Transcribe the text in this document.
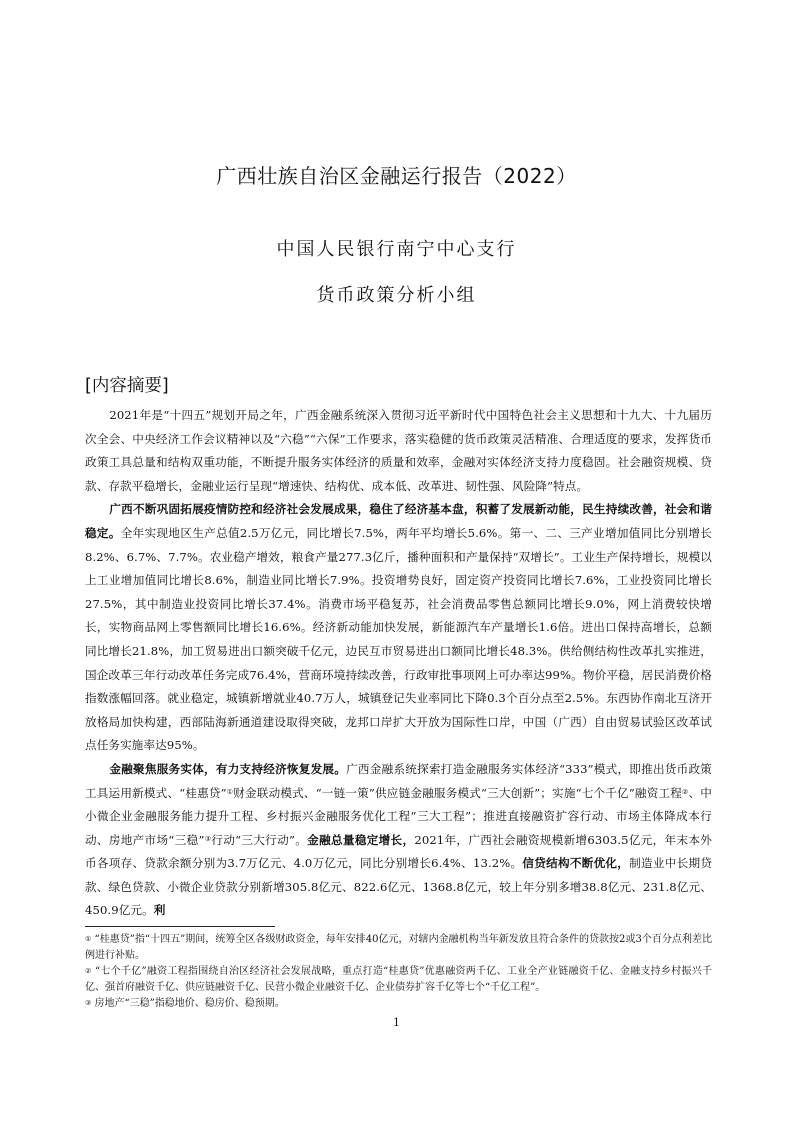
广西壮族自治区金融运行报告（2022）
中国人民银行南宁中心支行
货币政策分析小组
[内容摘要]

2021年是“十四五”规划开局之年，广西金融系统深入贯彻习近平新时代中国特色社会主义思想和十九大、十九届历次全会、中央经济工作会议精神以及“六稳”“六保”工作要求，落实稳健的货币政策灵活精准、合理适度的要求，发挥货币政策工具总量和结构双重功能，不断提升服务实体经济的质量和效率，金融对实体经济支持力度稳固。社会融资规模、贷款、存款平稳增长，金融业运行呈现“增速快、结构优、成本低、改革进、韧性强、风险降”特点。

广西不断巩固拓展疫情防控和经济社会发展成果，稳住了经济基本盘，积蓄了发展新动能，民生持续改善，社会和谐稳定。全年实现地区生产总值2.5万亿元，同比增长7.5%，两年平均增长5.6%。第一、二、三产业增加值同比分别增长8.2%、6.7%、7.7%。农业稳产增效，粮食产量277.3亿斤，播种面积和产量保持“双增长”。工业生产保持增长，规模以上工业增加值同比增长8.6%，制造业同比增长7.9%。投资增势良好，固定资产投资同比增长7.6%，工业投资同比增长27.5%，其中制造业投资同比增长37.4%。消费市场平稳复苏，社会消费品零售总额同比增长9.0%，网上消费较快增长，实物商品网上零售额同比增长16.6%。经济新动能加快发展，新能源汽车产量增长1.6倍。进出口保持高增长，总额同比增长21.8%，加工贸易进出口额突破千亿元，边民互市贸易进出口额同比增长48.3%。供给侧结构性改革扎实推进，国企改革三年行动改革任务完成76.4%，营商环境持续改善，行政审批事项网上可办率达99%。物价平稳，居民消费价格指数涨幅回落。就业稳定，城镇新增就业40.7万人，城镇登记失业率同比下降0.3个百分点至2.5%。东西协作南北互济开放格局加快构建，西部陆海新通道建设取得突破，龙邦口岸扩大开放为国际性口岸，中国（广西）自由贸易试验区改革试点任务实施率达95%。

金融聚焦服务实体，有力支持经济恢复发展。广西金融系统探索打造金融服务实体经济“333”模式，即推出货币政策工具运用新模式、“桂惠贷”①财金联动模式、“一链一策”供应链金融服务模式“三大创新”；实施“七个千亿”融资工程②、中小微企业金融服务能力提升工程、乡村振兴金融服务优化工程“三大工程”；推进直接融资扩容行动、市场主体降成本行动、房地产市场“三稳”③行动“三大行动”。金融总量稳定增长，2021年，广西社会融资规模新增6303.5亿元，年末本外币各项存、贷款余额分别为3.7万亿元、4.0万亿元，同比分别增长6.4%、13.2%。信贷结构不断优化，制造业中长期贷款、绿色贷款、小微企业贷款分别新增305.8亿元、822.6亿元、1368.8亿元，较上年分别多增38.8亿元、231.8亿元、450.9亿元。利

① “桂惠贷”指“十四五”期间，统筹全区各级财政资金，每年安排40亿元，对辖内金融机构当年新发放且符合条件的贷款按2或3个百分点利差比例进行补贴。

② “七个千亿”融资工程指围绕自治区经济社会发展战略，重点打造“桂惠贷”优惠融资两千亿、工业全产业链融资千亿、金融支持乡村振兴千亿、强首府融资千亿、供应链融资千亿、民营小微企业融资千亿、企业债券扩容千亿等七个“千亿工程”。

③ 房地产“三稳”指稳地价、稳房价、稳预期。

1
